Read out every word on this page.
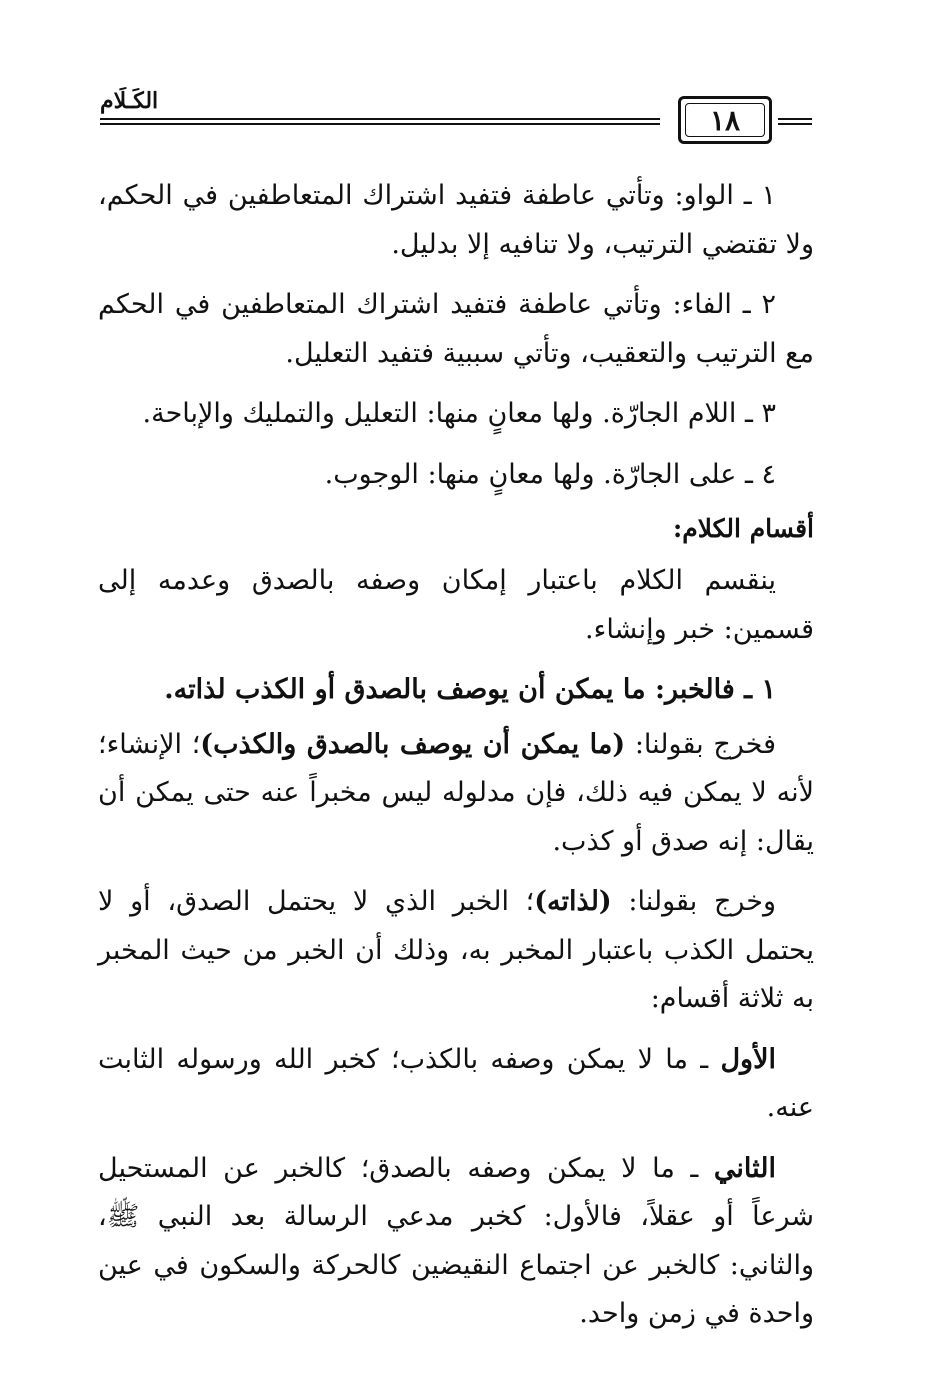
الكَـلَام
١٨

١ ـ الواو: وتأتي عاطفة فتفيد اشتراك المتعاطفين في الحكم، ولا تقتضي الترتيب، ولا تنافيه إلا بدليل.

٢ ـ الفاء: وتأتي عاطفة فتفيد اشتراك المتعاطفين في الحكم مع الترتيب والتعقيب، وتأتي سببية فتفيد التعليل.

٣ ـ اللام الجارّة. ولها معانٍ منها: التعليل والتمليك والإباحة.

٤ ـ على الجارّة. ولها معانٍ منها: الوجوب.

أقسام الكلام:

ينقسم الكلام باعتبار إمكان وصفه بالصدق وعدمه إلى قسمين: خبر وإنشاء.

١ ـ فالخبر: ما يمكن أن يوصف بالصدق أو الكذب لذاته.

فخرج بقولنا: (ما يمكن أن يوصف بالصدق والكذب)؛ الإنشاء؛ لأنه لا يمكن فيه ذلك، فإن مدلوله ليس مخبراً عنه حتى يمكن أن يقال: إنه صدق أو كذب.

وخرج بقولنا: (لذاته)؛ الخبر الذي لا يحتمل الصدق، أو لا يحتمل الكذب باعتبار المخبر به، وذلك أن الخبر من حيث المخبر به ثلاثة أقسام:

الأول ـ ما لا يمكن وصفه بالكذب؛ كخبر الله ورسوله الثابت عنه.

الثاني ـ ما لا يمكن وصفه بالصدق؛ كالخبر عن المستحيل شرعاً أو عقلاً، فالأول: كخبر مدعي الرسالة بعد النبي ﷺ، والثاني: كالخبر عن اجتماع النقيضين كالحركة والسكون في عين واحدة في زمن واحد.
